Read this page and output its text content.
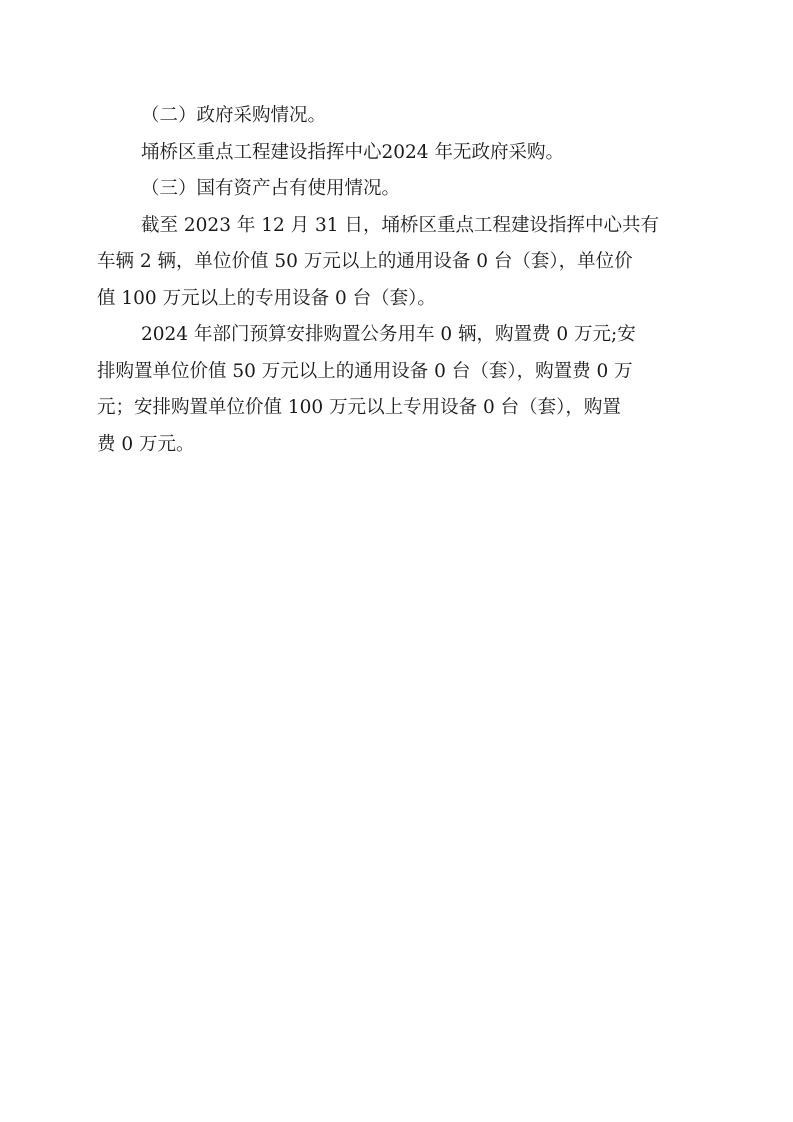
（二）政府采购情况。
埇桥区重点工程建设指挥中心2024 年无政府采购。
（三）国有资产占有使用情况。
截至 2023 年 12 月 31 日，埇桥区重点工程建设指挥中心共有
车辆 2 辆，单位价值 50 万元以上的通用设备 0 台（套），单位价
值 100 万元以上的专用设备 0 台（套）。
2024 年部门预算安排购置公务用车 0 辆，购置费 0 万元;安
排购置单位价值 50 万元以上的通用设备 0 台（套），购置费 0 万
元；安排购置单位价值 100 万元以上专用设备 0 台（套），购置
费 0 万元。
